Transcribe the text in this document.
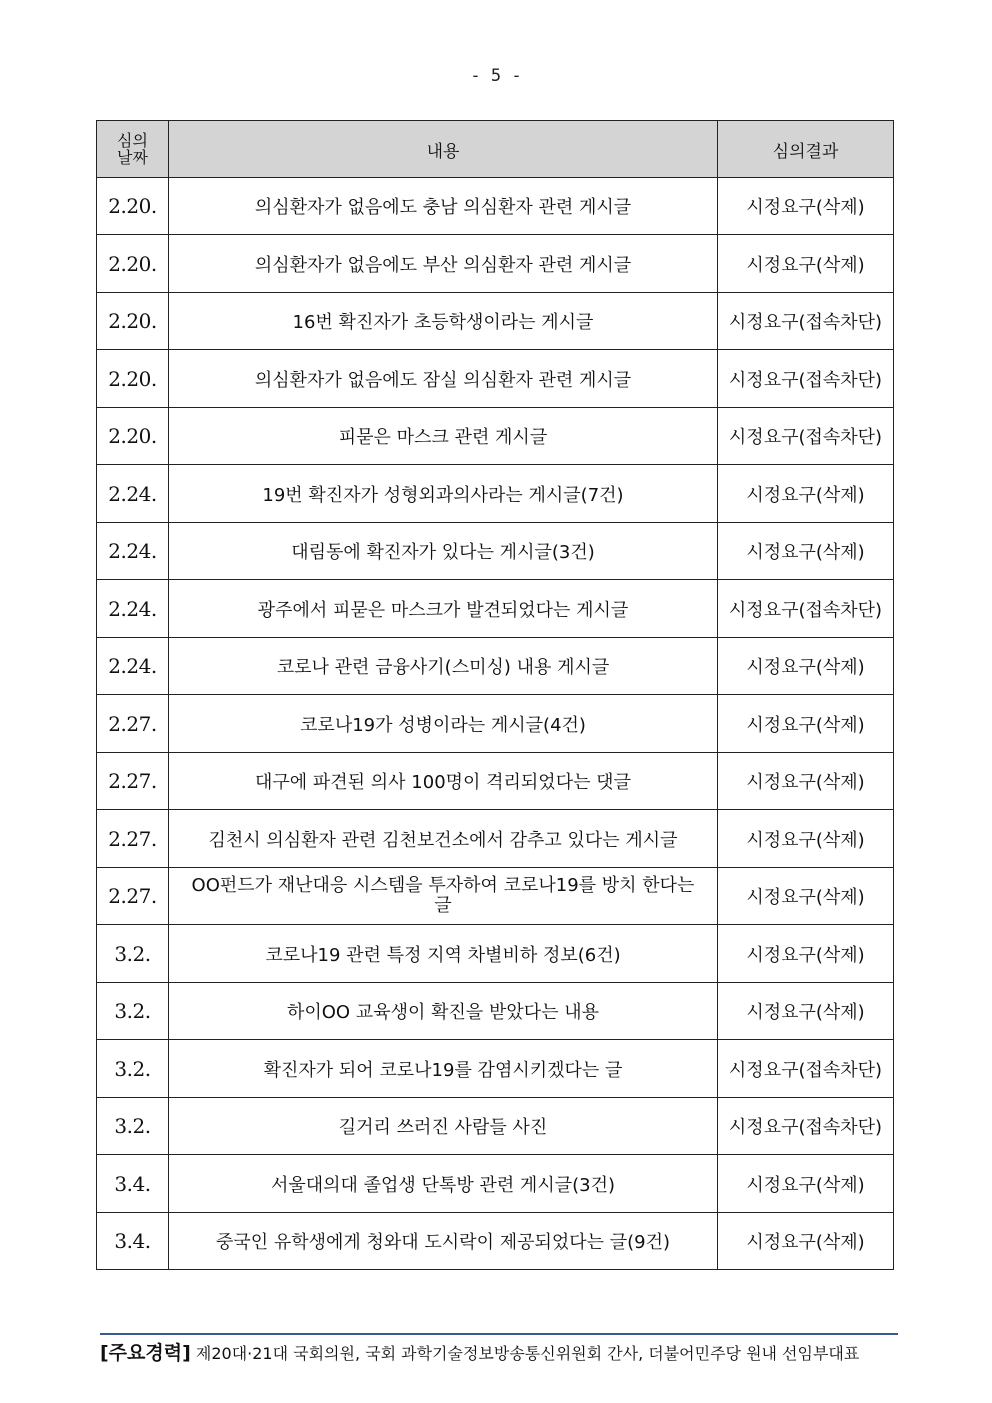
- 5 -
심의
날짜	내용	심의결과
2.20.	의심환자가 없음에도 충남 의심환자 관련 게시글	시정요구(삭제)
2.20.	의심환자가 없음에도 부산 의심환자 관련 게시글	시정요구(삭제)
2.20.	16번 확진자가 초등학생이라는 게시글	시정요구(접속차단)
2.20.	의심환자가 없음에도 잠실 의심환자 관련 게시글	시정요구(접속차단)
2.20.	피묻은 마스크 관련 게시글	시정요구(접속차단)
2.24.	19번 확진자가 성형외과의사라는 게시글(7건)	시정요구(삭제)
2.24.	대림동에 확진자가 있다는 게시글(3건)	시정요구(삭제)
2.24.	광주에서 피묻은 마스크가 발견되었다는 게시글	시정요구(접속차단)
2.24.	코로나 관련 금융사기(스미싱) 내용 게시글	시정요구(삭제)
2.27.	코로나19가 성병이라는 게시글(4건)	시정요구(삭제)
2.27.	대구에 파견된 의사 100명이 격리되었다는 댓글	시정요구(삭제)
2.27.	김천시 의심환자 관련 김천보건소에서 감추고 있다는 게시글	시정요구(삭제)
2.27.	OO펀드가 재난대응 시스템을 투자하여 코로나19를 방치 한다는 글	시정요구(삭제)
3.2.	코로나19 관련 특정 지역 차별비하 정보(6건)	시정요구(삭제)
3.2.	하이OO 교육생이 확진을 받았다는 내용	시정요구(삭제)
3.2.	확진자가 되어 코로나19를 감염시키겠다는 글	시정요구(접속차단)
3.2.	길거리 쓰러진 사람들 사진	시정요구(접속차단)
3.4.	서울대의대 졸업생 단톡방 관련 게시글(3건)	시정요구(삭제)
3.4.	중국인 유학생에게 청와대 도시락이 제공되었다는 글(9건)	시정요구(삭제)
[주요경력] 제20대·21대 국회의원, 국회 과학기술정보방송통신위원회 간사, 더불어민주당 원내 선임부대표
